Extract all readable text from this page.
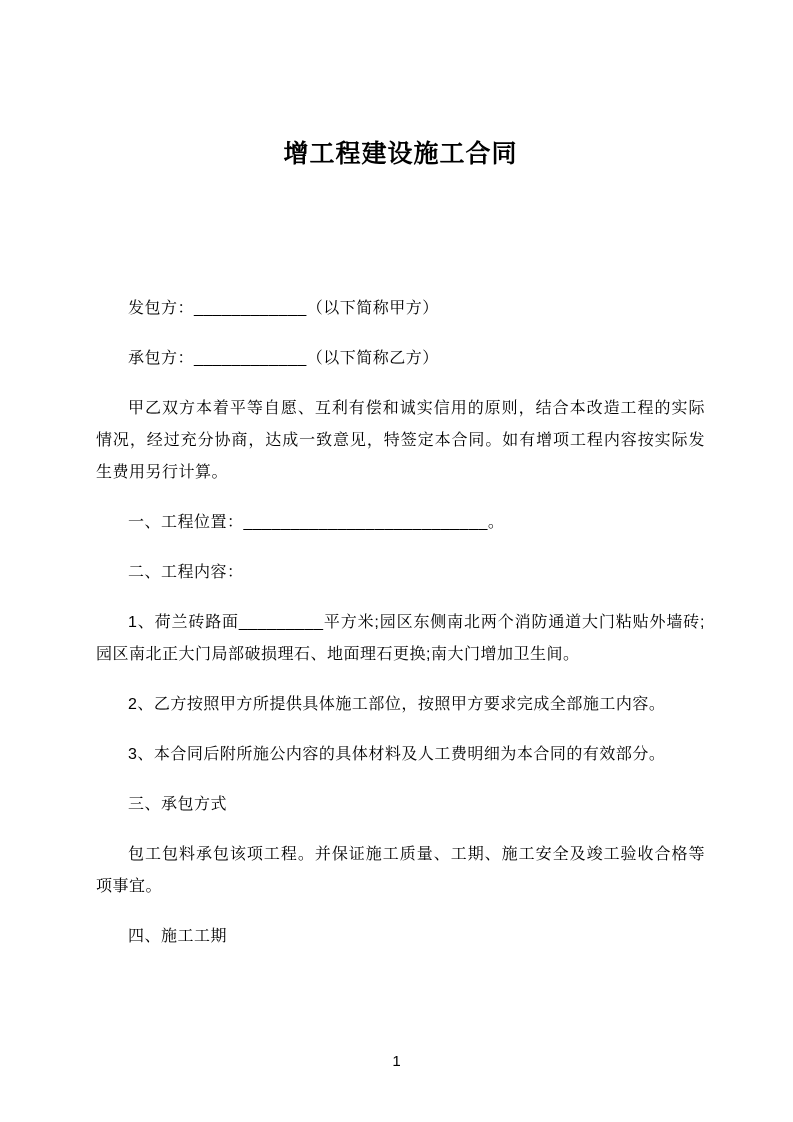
增工程建设施工合同

发包方：____________（以下简称甲方）

承包方：____________（以下简称乙方）

甲乙双方本着平等自愿、互利有偿和诚实信用的原则，结合本改造工程的实际情况，经过充分协商，达成一致意见，特签定本合同。如有增项工程内容按实际发生费用另行计算。

一、工程位置：__________________________。

二、工程内容：

1、荷兰砖路面_________平方米;园区东侧南北两个消防通道大门粘贴外墙砖;园区南北正大门局部破损理石、地面理石更换;南大门增加卫生间。

2、乙方按照甲方所提供具体施工部位，按照甲方要求完成全部施工内容。

3、本合同后附所施公内容的具体材料及人工费明细为本合同的有效部分。

三、承包方式

包工包料承包该项工程。并保证施工质量、工期、施工安全及竣工验收合格等项事宜。

四、施工工期

1
